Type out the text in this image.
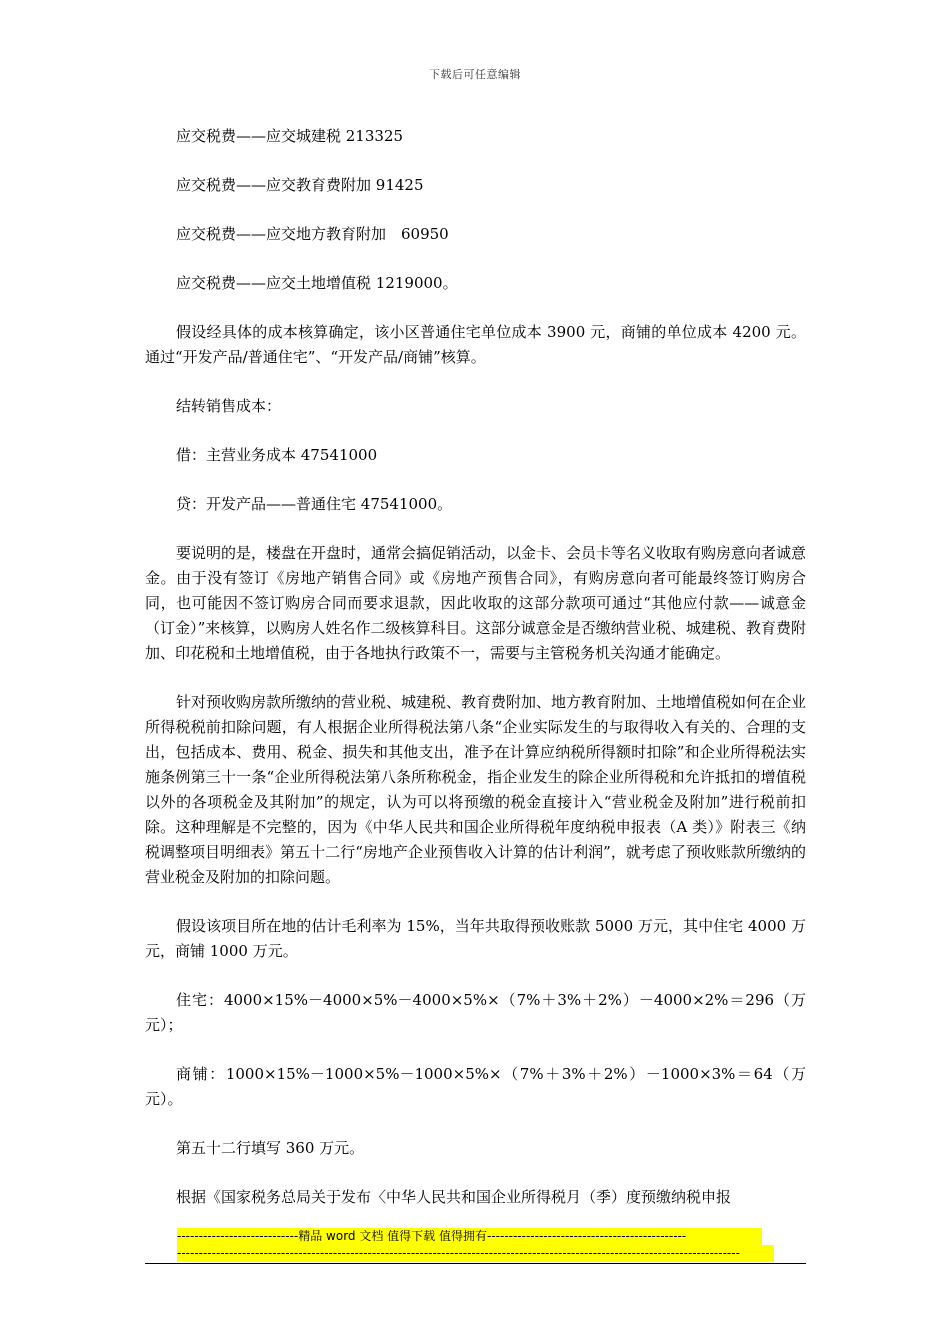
下载后可任意编辑

应交税费——应交城建税 213325

应交税费——应交教育费附加 91425

应交税费——应交地方教育附加　60950

应交税费——应交土地增值税 1219000。

假设经具体的成本核算确定，该小区普通住宅单位成本 3900 元，商铺的单位成本 4200 元。通过“开发产品/普通住宅”、“开发产品/商铺”核算。

结转销售成本：

借：主营业务成本 47541000

贷：开发产品——普通住宅 47541000。

要说明的是，楼盘在开盘时，通常会搞促销活动，以金卡、会员卡等名义收取有购房意向者诚意金。由于没有签订《房地产销售合同》或《房地产预售合同》，有购房意向者可能最终签订购房合同，也可能因不签订购房合同而要求退款，因此收取的这部分款项可通过“其他应付款——诚意金（订金）”来核算，以购房人姓名作二级核算科目。这部分诚意金是否缴纳营业税、城建税、教育费附加、印花税和土地增值税，由于各地执行政策不一，需要与主管税务机关沟通才能确定。

针对预收购房款所缴纳的营业税、城建税、教育费附加、地方教育附加、土地增值税如何在企业所得税税前扣除问题，有人根据企业所得税法第八条“企业实际发生的与取得收入有关的、合理的支出，包括成本、费用、税金、损失和其他支出，准予在计算应纳税所得额时扣除”和企业所得税法实施条例第三十一条“企业所得税法第八条所称税金，指企业发生的除企业所得税和允许抵扣的增值税以外的各项税金及其附加”的规定，认为可以将预缴的税金直接计入“营业税金及附加”进行税前扣除。这种理解是不完整的，因为《中华人民共和国企业所得税年度纳税申报表（A 类）》附表三《纳税调整项目明细表》第五十二行“房地产企业预售收入计算的估计利润”，就考虑了预收账款所缴纳的营业税金及附加的扣除问题。

假设该项目所在地的估计毛利率为 15%，当年共取得预收账款 5000 万元，其中住宅 4000 万元，商铺 1000 万元。

住宅：4000×15%－4000×5%－4000×5%×（7%＋3%＋2%）－4000×2%＝296（万元）；

商铺：1000×15%－1000×5%－1000×5%×（7%＋3%＋2%）－1000×3%＝64（万元）。

第五十二行填写 360 万元。

根据《国家税务总局关于发布〈中华人民共和国企业所得税月（季）度预缴纳税申报

----------------------------精品 word 文档 值得下载 值得拥有----------------------------------------------
----------------------------------------------------------------------------------------------------------------------------------
